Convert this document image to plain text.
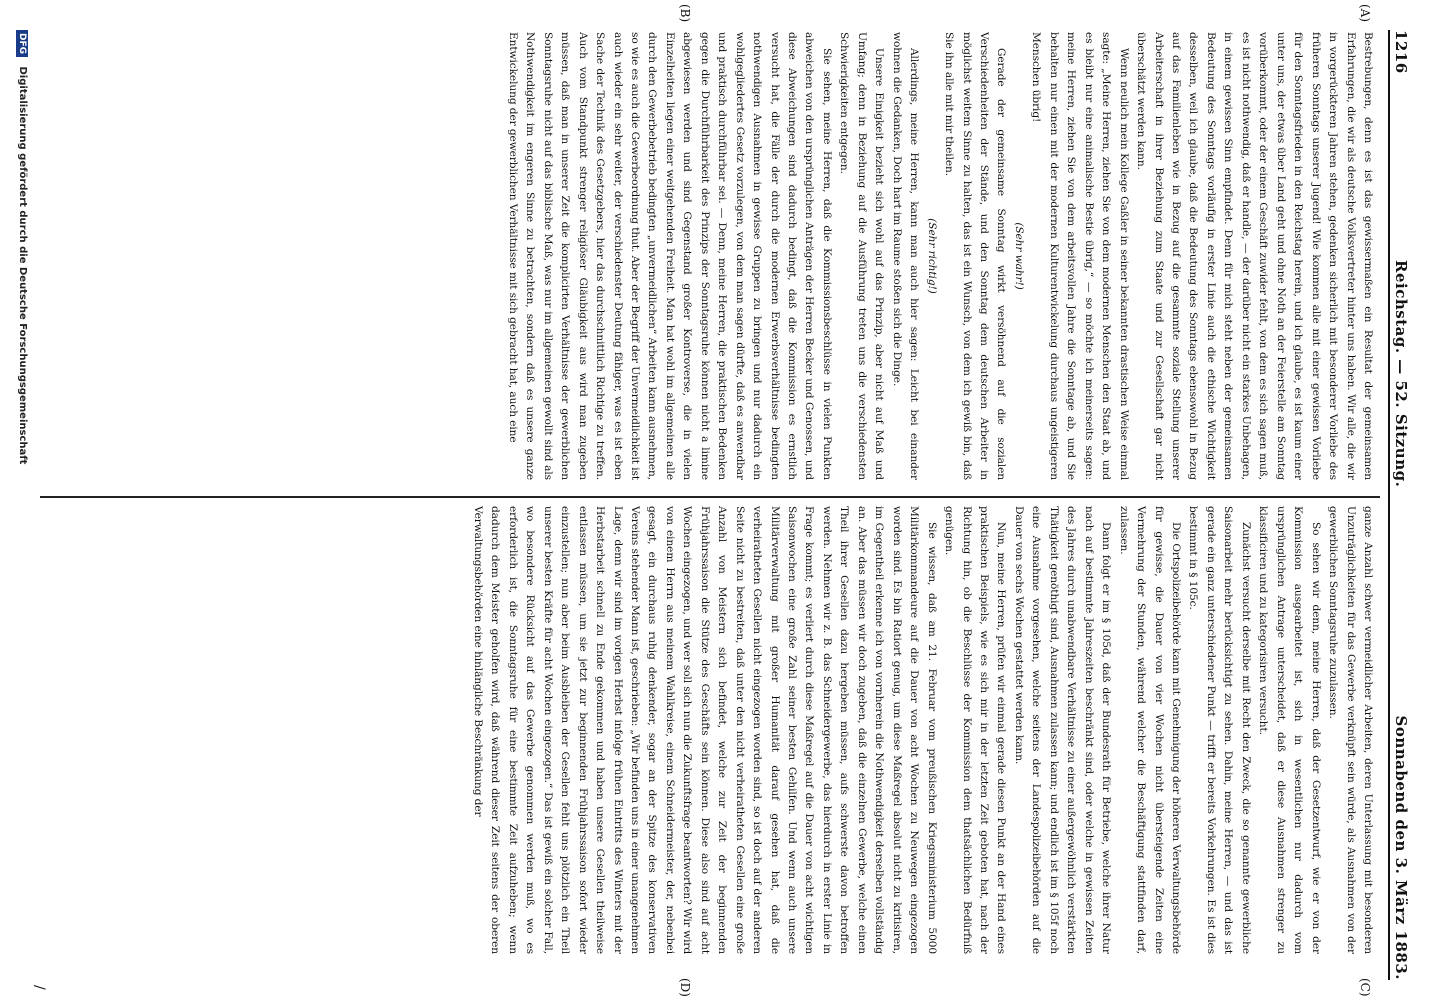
1216
Reichstag. — 52. Sitzung.
Sonnabend den 3. März 1883.
(A)
(B)
(C)
(D)
/

Bestrebungen, denn es ist das gewissermaßen ein Resultat der gemeinsamen Erfahrungen, die wir als deutsche Volksvertreter hinter uns haben. Wir alle, die wir in vorgerückteren Jahren stehen, gedenken sicherlich mit besonderer Vorliebe des früheren Sonntags unserer Jugend! Wie kommen alle mit einer gewissen Vorliebe für den Sonntagsfrieden in den Reichstag herein, und ich glaube, es ist kaum einer unter uns, der etwas über Land geht und ohne Noth an der Feierstelle am Sonntag vorüberkommt, oder der einem Geschäft zuwider fehlt, von dem es sich sagen muß, es ist nicht nothwendig, daß er handle, — der darüber nicht ein starkes Unbehagen, in einem gewissen Sinn empfindet. Denn für mich steht neben der gemeinsamen Bedeutung des Sonntags vorläufig in erster Linie auch die ethische Wichtigkeit desselben, weil ich glaube, daß die Bedeutung des Sonntags ebensowohl in Bezug auf das Familienleben wie in Bezug auf die gesammte soziale Stellung unserer Arbeiterschaft in ihrer Beziehung zum Staate und zur Gesellschaft gar nicht überschätzt werden kann.

Wenn neulich mein Kollege Gaßler in seiner bekannten drastischen Weise einmal sagte: „Meine Herren, ziehen Sie von dem modernen Menschen den Staat ab, und es bleibt nur eine animalische Bestie übrig,“ — so möchte ich meinerseits sagen: meine Herren, ziehen Sie von dem arbeitsvollen Jahre die Sonntage ab, und Sie behalten nur einen mit der modernen Kulturentwickelung durchaus ungeistigeren Menschen übrig!

(Sehr wahr!)

Gerade der gemeinsame Sonntag wirkt versöhnend auf die sozialen Verschiedenheiten der Stände, und den Sonntag dem deutschen Arbeiter in möglichst weitem Sinne zu halten, das ist ein Wunsch, von dem ich gewiß bin, daß Sie ihn alle mit mir theilen.

(Sehr richtig!)

Allerdings, meine Herren, kann man auch hier sagen: Leicht bei einander wohnen die Gedanken, Doch hart im Raume stoßen sich die Dinge.

Unsere Einigkeit bezieht sich wohl auf das Prinzip, aber nicht auf Maß und Umfang; denn in Beziehung auf die Ausführung treten uns die verschiedensten Schwierigkeiten entgegen.

Sie sehen, meine Herren, daß die Kommissionsbeschlüsse in vielen Punkten abweichen von den ursprünglichen Anträgen der Herren Becker und Genossen, und diese Abweichungen sind dadurch bedingt, daß die Kommission es ernstlich versucht hat, die Fälle der durch die modernen Erwerbsverhältnisse bedingten nothwendigen Ausnahmen in gewisse Gruppen zu bringen und nur dadurch ein wohlgegliedertes Gesetz vorzulegen, von dem man sagen dürfte, daß es anwendbar und praktisch durchführbar sei. — Denn, meine Herren, die praktischen Bedenken gegen die Durchführbarkeit des Prinzips der Sonntagsruhe können nicht a limine abgewiesen werden und sind Gegenstand großer Kontroverse, die in vielen Einzelheiten liegen einer weitgehenden Freiheit. Man hat wohl im allgemeinen alle durch den Gewerbebetrieb bedingten „unvermeidlichen“ Arbeiten kann ausnehmen, so wie es auch die Gewerbeordnung thut. Aber der Begriff der Unvermeidlichkeit ist auch wieder ein sehr weiter, der verschiedenster Deutung fähiger, was es ist eben Sache der Technik des Gesetzgebers, hier das durchschnittlich Richtige zu treffen. Auch vom Standpunkt strenger religiöser Gläubigkeit aus wird man zugeben müssen, daß man in unserer Zeit die komplicirten Verhältnisse der gewerblichen Sonntagsruhe nicht auf das biblische Maß, was nur im allgemeinen gewollt sind als Nothwendigkeit im engeren Sinne zu betrachten, sondern daß es unsere ganze Entwickelung der gewerblichen Verhältnisse mit sich gebracht hat, auch eine

ganze Anzahl schwer vermeidlicher Arbeiten, deren Unterlassung mit besonderen Unzuträglichkeiten für das Gewerbe verknüpft sein würde, als Ausnahmen von der gewerblichen Sonntagsruhe zuzulassen.

So sehen wir denn, meine Herren, daß der Gesetzentwurf, wie er von der Kommission ausgearbeitet ist, sich in wesentlichen nur dadurch vom ursprünglichen Antrage unterscheidet, daß er diese Ausnahmen strenger zu klassificiren und zu kategorisiren versucht.

Zunächst versucht derselbe mit Recht den Zweck, die so genannte gewerbliche Saisonarbeit mehr berücksichtigt zu sehen. Dahin, meine Herren, — und das ist gerade ein ganz unterschiedener Punkt — trifft er bereits Vorkehrungen. Es ist dies bestimmt in § 105c.

Die Ortspolizeibehörde kann mit Genehmigung der höheren Verwaltungsbehörde für gewisse, die Dauer von vier Wochen nicht übersteigende Zeiten eine Vermehrung der Stunden, während welcher die Beschäftigung stattfinden darf, zulassen.

Dann folgt er im § 105d, daß der Bundesrath für Betriebe, welche ihrer Natur nach auf bestimmte Jahreszeiten beschränkt sind, oder welche in gewissen Zeiten des Jahres durch unabwendbare Verhältnisse zu einer außergewöhnlich verstärkten Thätigkeit genöthigt sind, Ausnahmen zulassen kann; und endlich ist im § 105f noch eine Ausnahme vorgesehen, welche seitens der Landespolizeibehörden auf die Dauer von sechs Wochen gestattet werden kann.

Nun, meine Herren, prüfen wir einmal gerade diesen Punkt an der Hand eines praktischen Beispiels, wie es sich mir in der letzten Zeit geboten hat, nach der Richtung hin, ob die Beschlüsse der Kommission dem thatsächlichen Bedürfniß genügen.

Sie wissen, daß am 21. Februar vom preußischen Kriegsministerium 5000 Militärkommandeure auf die Dauer von acht Wochen zu Neuwegen eingezogen worden sind. Es bin Ratiort genug, um diese Maßregel absolut nicht zu kritisiren, im Gegentheil erkenne ich von vornherein die Nothwendigkeit derselben vollständig an. Aber das müssen wir doch zugeben, daß die einzelnen Gewerbe, welche einen Theil ihrer Gesellen dazu hergeben müssen, aufs schwerste davon betroffen werden. Nehmen wir z. B. das Schneidergewerbe, das hierdurch in erster Linie in Frage kommt; es verliert durch diese Maßregel auf die Dauer von acht wichtigen Saisonwochen eine große Zahl seiner besten Gehilfen. Und wenn auch unsere Militärverwaltung mit großer Humanität darauf gesehen hat, daß die verheiratheten Gesellen nicht eingezogen worden sind, so ist doch auf der anderen Seite nicht zu bestreiten, daß unter den nicht verheiratheten Gesellen eine große Anzahl von Meistern sich befindet, welche zur Zeit der beginnenden Frühjahrssaison die Stütze des Geschäfts sein können. Diese also sind auf acht Wochen eingezogen, und wer soll sich nun die Zukunftsfrage beantworten? Wir wird von einem Herrn aus meinem Wahlkreise, einem Schneidermeister, der, nebenbei gesagt, ein durchaus ruhig denkender, sogar an der Spitze des konservativen Vereins stehender Mann ist, geschrieben: „Wir befinden uns in einer unangenehmen Lage, denn wir sind im vorigen Herbst infolge frühen Eintritts des Winters mit der Herbstarbeit schnell zu Ende gekommen und haben unsere Gesellen theilweise entlassen müssen, um sie jetzt zur beginnenden Frühjahrssaison sofort wieder einzustellen; nun aber beim Ausbleiben der Gesellen fehlt uns plötzlich ein Theil unserer besten Kräfte für acht Wochen eingezogen.“ Das ist gewiß ein solcher Fall, wo besondere Rücksicht auf das Gewerbe genommen werden muß, wo es erforderlich ist, die Sonntagsruhe für eine bestimmte Zeit aufzuheben; wenn dadurch dem Meister geholfen wird, daß während dieser Zeit seitens der oberen Verwaltungsbehörden eine hinlängliche Beschränkung der

DFG Digitalisierung gefördert durch die Deutsche Forschungsgemeinschaft
